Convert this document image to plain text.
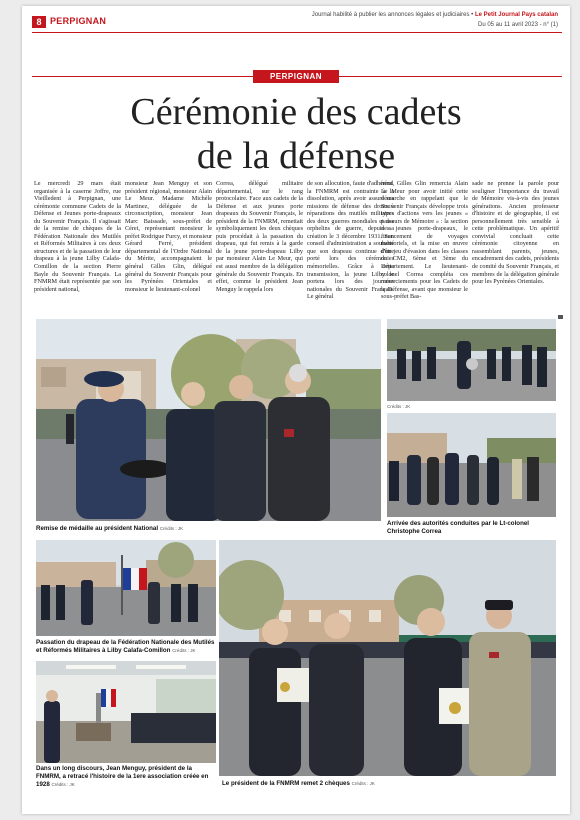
8 PERPIGNAN
Journal habilité à publier les annonces légales et judiciaires • Le Petit Journal Pays catalan
Du 05 au 11 avril 2023 - n° (1)
PERPIGNAN
Cérémonie des cadets
de la défense
Le mercredi 29 mars était organisée à la caserne Joffre, rue Vieilledent à Perpignan, une cérémonie commune Cadets de la Défense et Jeunes porte-drapeaux du Souvenir Français. Il s'agissait de la remise de chèques de la Fédération Nationale des Mutilés et Réformés Militaires à ces deux structures et de la passation de leur drapeau à la jeune Lilby Calafa-Comillon de la section Pierre Bayle du Souvenir Français. La FNMRM était représentée par son président national,
monsieur Jean Menguy et son président régional, monsieur Alain Le Meur. Madame Michèle Martinez, déléguée de la circonscription, monsieur Jean Marc Baissade, sous-préfet de Céret, représentant monsieur le préfet Rodrigue Furcy, et monsieur Gérard Ferré, président départemental de l'Ordre National du Mérite, accompagnaient le général Gilles Glin, délégué général du Souvenir Français pour les Pyrénées Orientales et monsieur le lieutenant-colonel
Correa, délégué militaire départemental, sur le rang protocolaire. Face aux cadets de la Défense et aux jeunes porte drapeaux du Souvenir Français, le président de la FNMRM, remettait symboliquement les deux chèques puis procédait à la passation du drapeau, qui fut remis à la garde de la jeune porte-drapeau Lilby par monsieur Alain Le Meur, qui est aussi membre de la délégation générale du Souvenir Français. En effet, comme le président Jean Menguy le rappela lors
de son allocution, faute d'adhérent, la FNMRM est contrainte à la dissolution, après avoir assuré ses missions de défense des droits à réparations des mutilés militaires des deux guerres mondiales et des orphelins de guerre, depuis sa création le 3 décembre 1931. Son conseil d'administration a souhaité que son drapeau continue d'être porté lors des cérémonies mémorielles. Grâce à cette transmission, la jeune Lilby le portera lors des journées nationales du Souvenir Français. Le général
néral Gilles Glin remercia Alain Le Meur pour avoir initié cette démarche en rappelant que le Souvenir Français développe trois types d'actions vers les jeunes « passeurs de Mémoire » : la section des jeunes porte-drapeaux, le financement de voyages mémoriels, et la mise en œuvre d'un jeu d'évasion dans les classes de CM2, 6ème et 3ème du Département. Le lieutenant-colonel Correa compléta ces remerciements pour les Cadets de la Défense, avant que monsieur le sous-préfet Bas-
sade ne prenne la parole pour souligner l'importance du travail de Mémoire vis-à-vis des jeunes générations. Ancien professeur d'histoire et de géographie, il est personnellement très sensible à cette problématique. Un apéritif convivial concluait cette cérémonie citoyenne en rassemblant parents, jeunes, encadrement des cadets, présidents de comité du Souvenir Français, et membres de la délégation générale pour les Pyrénées Orientales.
Remise de médaille au président National Crédits : JK
Crédits : JK
Arrivée des autorités conduites par le Lt-colonel Christophe Correa
Passation du drapeau de la Fédération Nationale des Mutilés et Réformés Militaires à Lilby Calafa-Comillon Crédits : JK
Dans un long discours, Jean Menguy, président de la FNMRM, a retracé l'histoire de la 1ere association créée en 1928 Crédits : JK	Le président de la FNMRM remet 2 chèques Crédits : JK
